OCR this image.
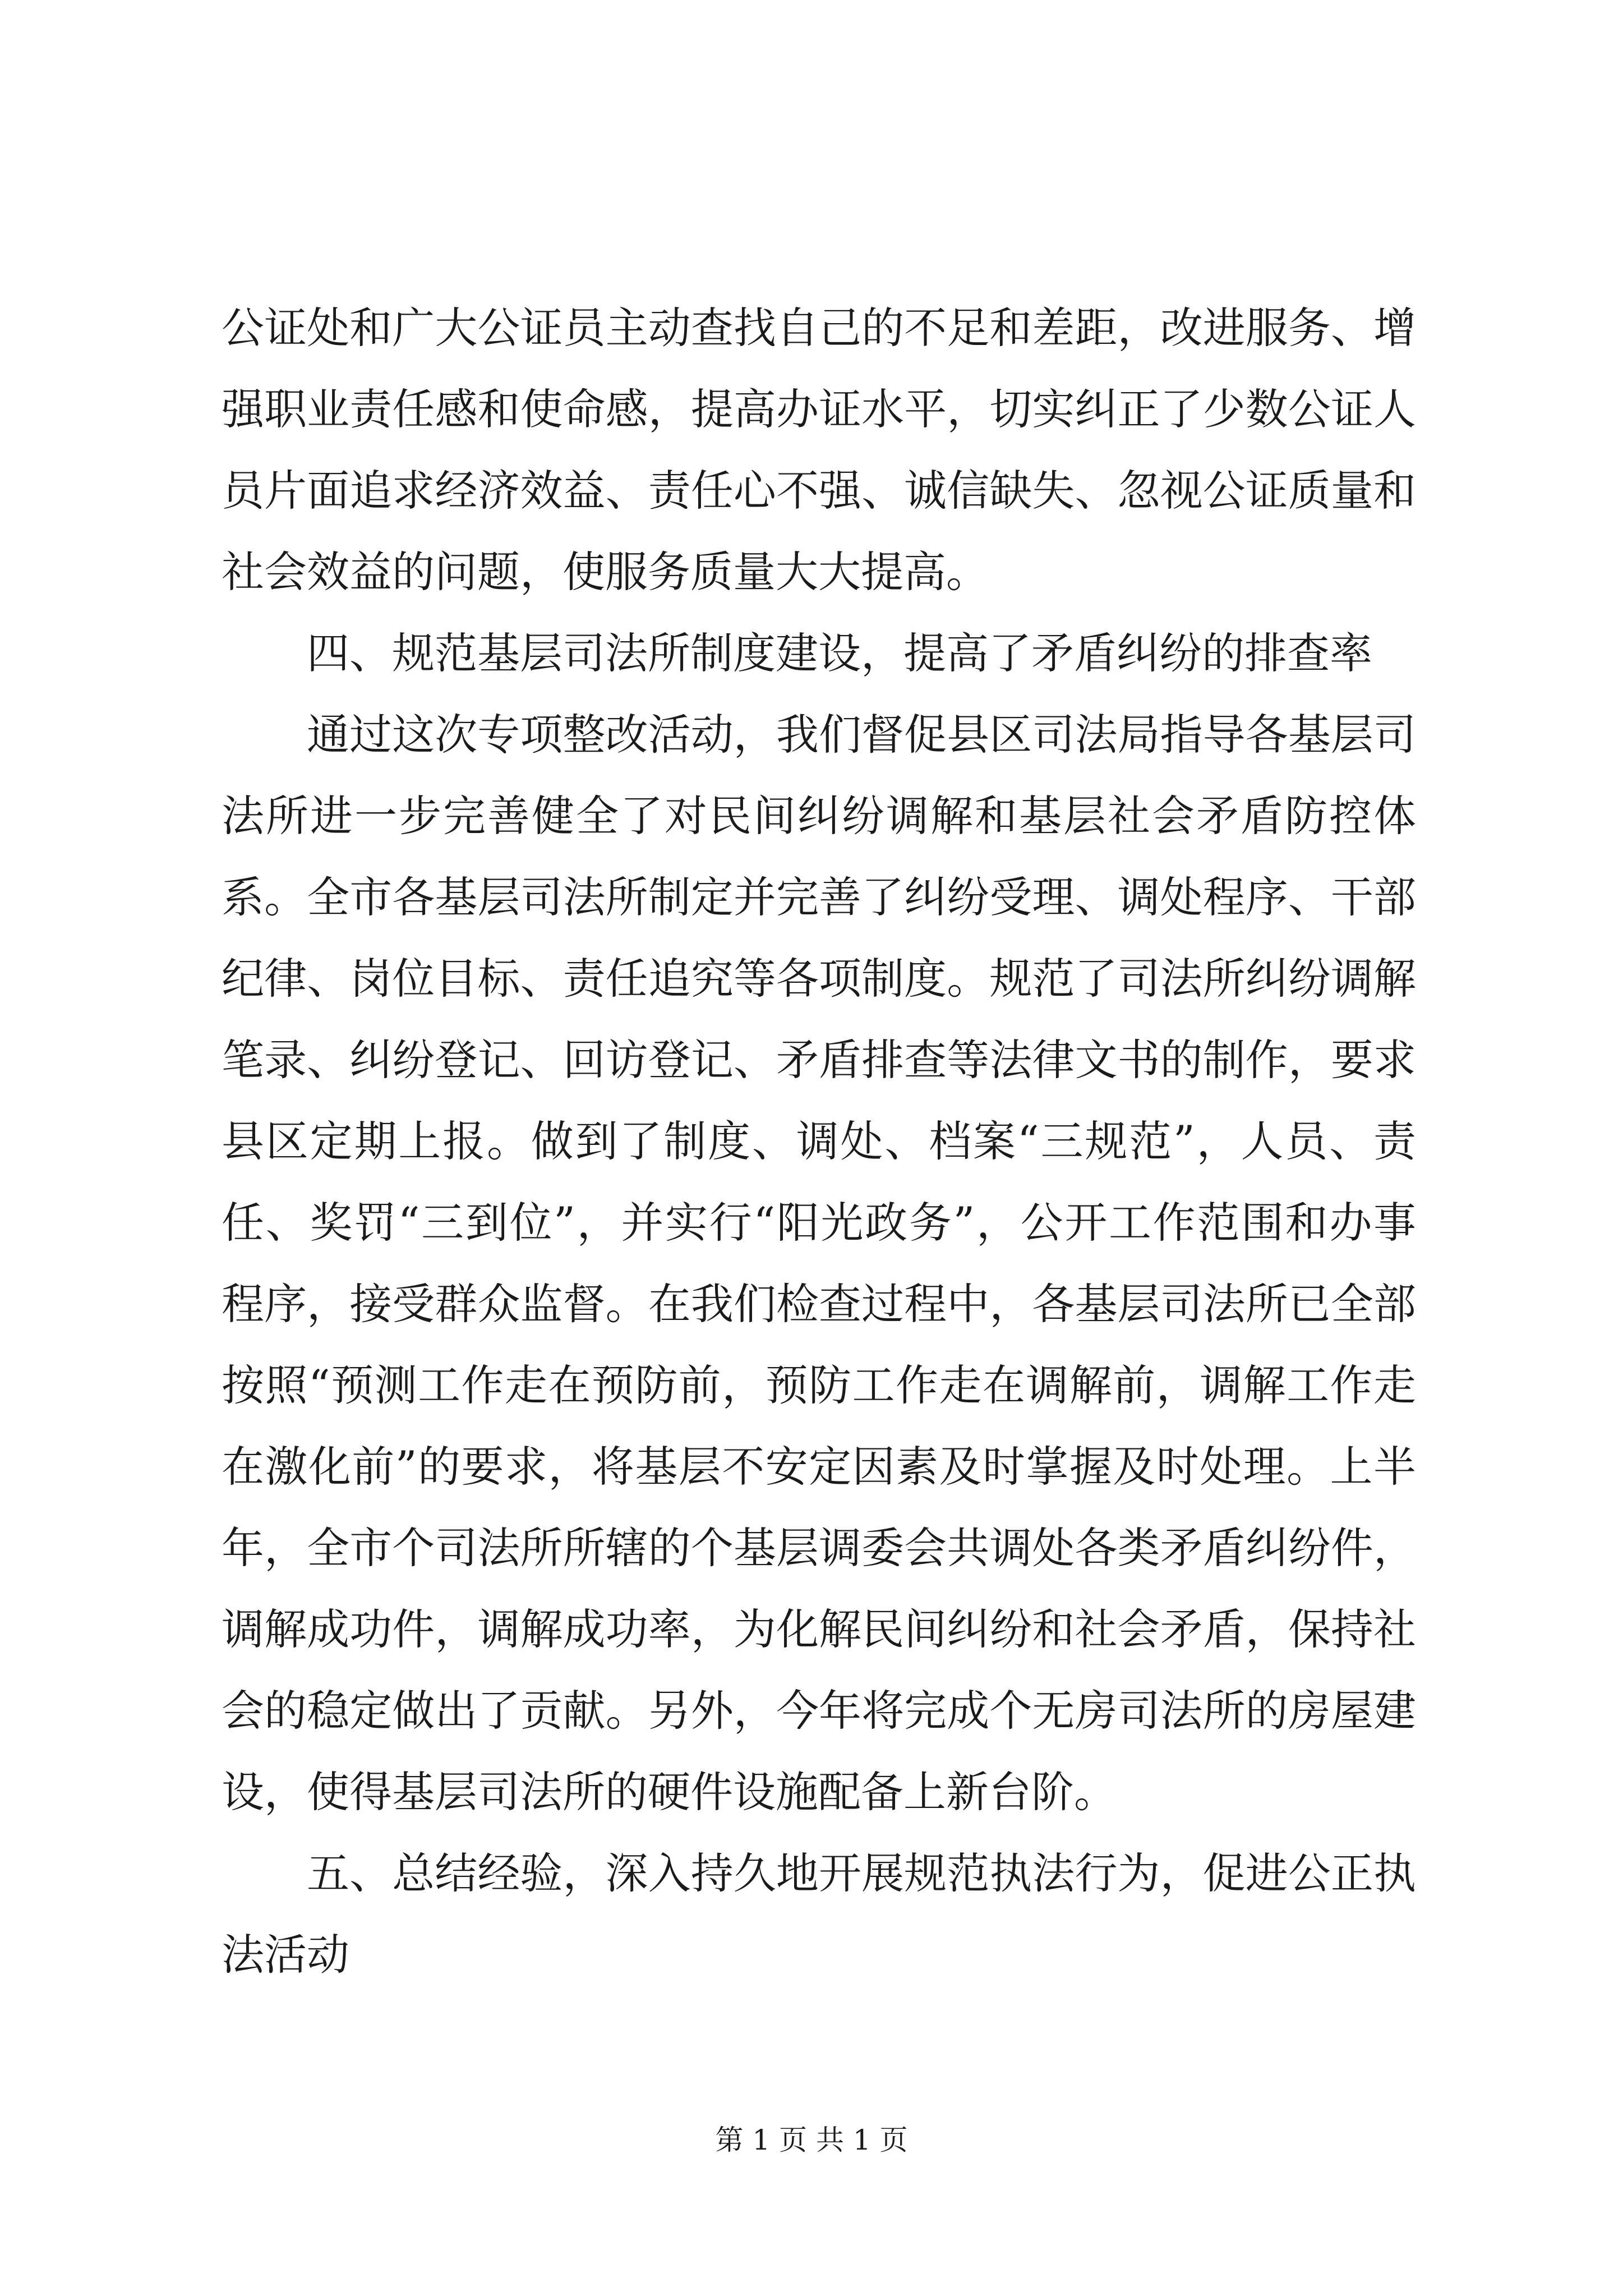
公证处和广大公证员主动查找自己的不足和差距，改进服务、增强职业责任感和使命感，提高办证水平，切实纠正了少数公证人员片面追求经济效益、责任心不强、诚信缺失、忽视公证质量和社会效益的问题，使服务质量大大提高。

四、规范基层司法所制度建设，提高了矛盾纠纷的排查率

通过这次专项整改活动，我们督促县区司法局指导各基层司法所进一步完善健全了对民间纠纷调解和基层社会矛盾防控体系。全市各基层司法所制定并完善了纠纷受理、调处程序、干部纪律、岗位目标、责任追究等各项制度。规范了司法所纠纷调解笔录、纠纷登记、回访登记、矛盾排查等法律文书的制作，要求县区定期上报。做到了制度、调处、档案“三规范”，人员、责任、奖罚“三到位”，并实行“阳光政务”，公开工作范围和办事程序，接受群众监督。在我们检查过程中，各基层司法所已全部按照“预测工作走在预防前，预防工作走在调解前，调解工作走在激化前”的要求，将基层不安定因素及时掌握及时处理。上半年，全市个司法所所辖的个基层调委会共调处各类矛盾纠纷件，调解成功件，调解成功率，为化解民间纠纷和社会矛盾，保持社会的稳定做出了贡献。另外，今年将完成个无房司法所的房屋建设，使得基层司法所的硬件设施配备上新台阶。

五、总结经验，深入持久地开展规范执法行为，促进公正执法活动

第 1 页 共 1 页
